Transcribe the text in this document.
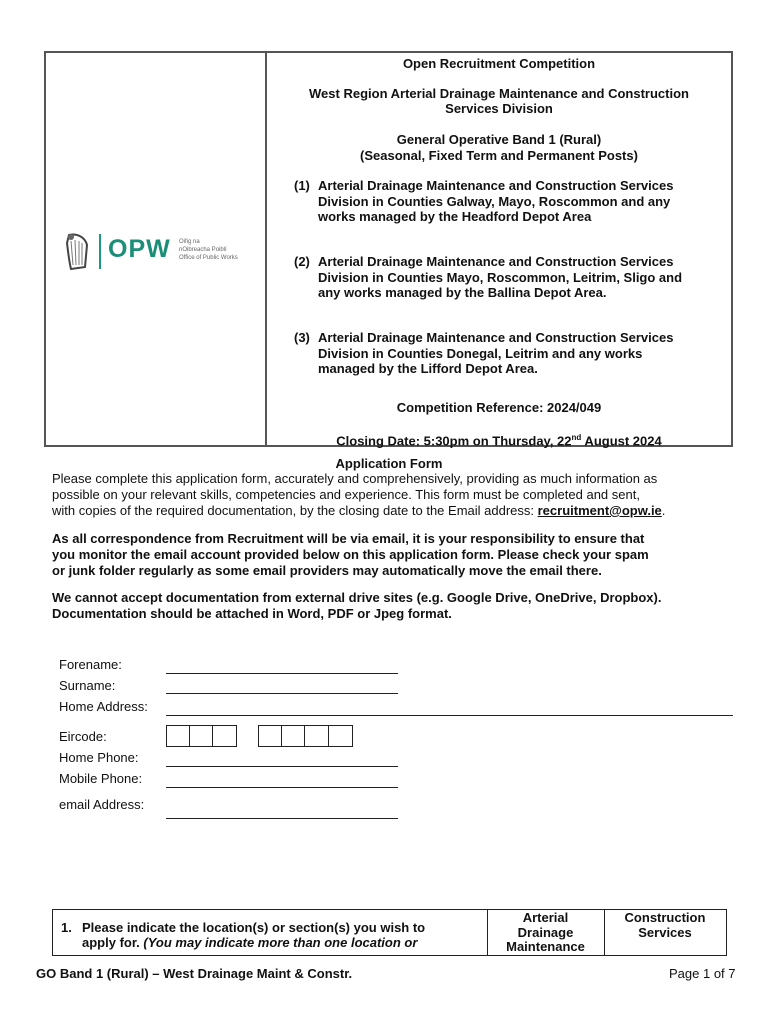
OPW Oifig na
nOibreacha Poiblí
Office of Public Works
Open Recruitment Competition
West Region Arterial Drainage Maintenance and Construction
Services Division
General Operative Band 1 (Rural)
(Seasonal, Fixed Term and Permanent Posts)
(1) Arterial Drainage Maintenance and Construction Services
Division in Counties Galway, Mayo, Roscommon and any
works managed by the Headford Depot Area
(2) Arterial Drainage Maintenance and Construction Services
Division in Counties Mayo, Roscommon, Leitrim, Sligo and
any works managed by the Ballina Depot Area.
(3) Arterial Drainage Maintenance and Construction Services
Division in Counties Donegal, Leitrim and any works
managed by the Lifford Depot Area.
Competition Reference: 2024/049
Closing Date: 5:30pm on Thursday, 22nd August 2024
Application Form
Please complete this application form, accurately and comprehensively, providing as much information as
possible on your relevant skills, competencies and experience. This form must be completed and sent,
with copies of the required documentation, by the closing date to the Email address: recruitment@opw.ie.
As all correspondence from Recruitment will be via email, it is your responsibility to ensure that
you monitor the email account provided below on this application form. Please check your spam
or junk folder regularly as some email providers may automatically move the email there.
We cannot accept documentation from external drive sites (e.g. Google Drive, OneDrive, Dropbox).
Documentation should be attached in Word, PDF or Jpeg format.
Forename:
Surname:
Home Address:
Eircode:
Home Phone:
Mobile Phone:
email Address:
1. Please indicate the location(s) or section(s) you wish to
apply for. (You may indicate more than one location or
Arterial
Drainage
Maintenance
Construction
Services
GO Band 1 (Rural) – West Drainage Maint & Constr.	Page 1 of 7
